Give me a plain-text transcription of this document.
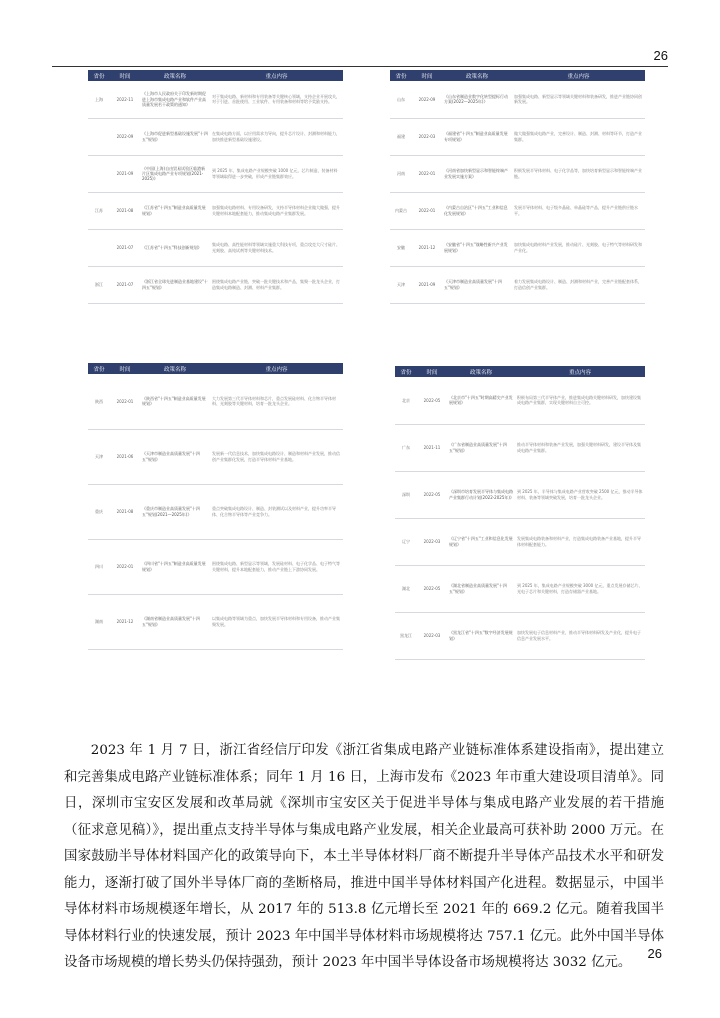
26
省份	时间	政策名称	重点内容
上海	2022-11	《上海市人民政府关于印发新时期促进上海市集成电路产业和软件产业高质量发展若干政策的通知》	对于集成电路、新材料和专用装备等关键核心领域，支持企业开展攻关，对于引进、首批使用、工业软件、专用装备和材料等给予奖励支持。
	2022-09	《上海市促进新型基础设施发展"十四五"规划》	在集成电路方面，以应用需求为导向，提升芯片设计、封测和材料能力，加快推进新型基础设施建设。
	2021-09	《中国(上海)自由贸易试验区临港新片区集成电路产业专项规划(2021-2025)》	到 2025 年，集成电路产业规模突破 1000 亿元，芯片制造、装备材料等领域取得进一步突破，形成产业链集群效应。
江苏	2021-08	《江苏省"十四五"制造业高质量发展规划》	加强集成电路材料、专用设备研发，支持半导体材料企业做大做强，提升关键材料本地配套能力，推动集成电路产业集群发展。
	2021-07	《江苏省"十四五"科技创新规划》	集成电路、高性能材料等领域实施重大科技专项，重点攻克大尺寸硅片、光刻胶、高纯试剂等关键材料技术。
浙江	2021-07	《浙江省全球先进制造业基地建设"十四五"规划》	围绕集成电路产业链，突破一批关键技术和产品，集聚一批龙头企业，打造集成电路制造、封测、材料产业集群。
省份	时间	政策名称	重点内容
山东	2022-09	《山东省制造业数字化转型提标行动方案(2022—2025年)》	加强集成电路、新型显示等领域关键材料和装备研发，推进产业链协同创新发展。
福建	2022-03	《福建省"十四五"制造业高质量发展专项规划》	做大做强集成电路产业，完善设计、制造、封测、材料等环节，打造产业集群。
河南	2022-01	《河南省加快新型显示和智能终端产业发展实施方案》	积极发展半导体材料、电子化学品等，加快培育新型显示和智能终端产业链。
内蒙古	2022-01	《内蒙古自治区"十四五"工业和信息化发展规划》	发展半导体材料、电子级多晶硅、单晶硅等产品，提升产业链供应链水平。
安徽	2021-12	《安徽省"十四五"战略性新兴产业发展规划》	加快集成电路材料产业发展，推动硅片、光刻胶、电子特气等材料研发和产业化。
天津	2021-09	《天津市制造业高质量发展"十四五"规划》	着力发展集成电路设计、制造、封测和材料产业，完善产业链配套体系，打造信创产业集群。
省份	时间	政策名称	重点内容
陕西	2022-01	《陕西省"十四五"制造业高质量发展规划》	大力发展第三代半导体材料和芯片，重点发展硅材料、化合物半导体材料、光刻胶等关键材料，培育一批龙头企业。
天津	2021-06	《天津市制造业高质量发展"十四五"规划》	发展新一代信息技术，加快集成电路设计、制造和材料产业发展，推动信创产业集群化发展，打造半导体材料产业基地。
重庆	2021-08	《重庆市制造业高质量发展"十四五"规划(2021—2025年)》	重点突破集成电路设计、制造、封装测试以及材料产业，提升功率半导体、化合物半导体等产业竞争力。
四川	2022-01	《四川省"十四五"制造业高质量发展规划》	围绕集成电路、新型显示等领域，发展硅材料、电子化学品、电子特气等关键材料，提升本地配套能力，推动产业链上下游协同发展。
湖南	2021-12	《湖南省制造业高质量发展"十四五"规划》	以集成电路等领域为重点，加快发展半导体材料和专用设备，推动产业集聚发展。
省份	时间	政策名称	重点内容
北京	2022-05	《北京市"十四五"时期高精尖产业发展规划》	积极布局第三代半导体产业，推进集成电路关键材料研发，加快建设集成电路产业集群，实现关键材料自主可控。
广东	2021-11	《广东省制造业高质量发展"十四五"规划》	推动半导体材料和装备产业发展，加强关键材料研发，建设半导体及集成电路产业集群。
深圳	2022-05	《深圳市培育发展半导体与集成电路产业集群行动计划(2022-2025年)》	到 2025 年，半导体与集成电路产业营收突破 2500 亿元，推动半导体材料、装备等领域突破发展，培育一批龙头企业。
辽宁	2022-03	《辽宁省"十四五"工业和信息化发展规划》	发展集成电路装备和材料产业，打造集成电路装备产业基地，提升半导体材料配套能力。
湖北	2022-05	《湖北省制造业高质量发展"十四五"规划》	到 2025 年，集成电路产业规模突破 3000 亿元，重点发展存储芯片、光电子芯片和关键材料，打造存储器产业基地。
黑龙江	2022-03	《黑龙江省"十四五"数字经济发展规划》	加快发展电子信息材料产业，推动半导体材料研发及产业化，提升电子信息产业发展水平。

2023 年 1 月 7 日，浙江省经信厅印发《浙江省集成电路产业链标准体系建设指南》，提出建立和完善集成电路产业链标准体系；同年 1 月 16 日，上海市发布《2023 年市重大建设项目清单》。同日，深圳市宝安区发展和改革局就《深圳市宝安区关于促进半导体与集成电路产业发展的若干措施（征求意见稿）》，提出重点支持半导体与集成电路产业发展，相关企业最高可获补助 2000 万元。在国家鼓励半导体材料国产化的政策导向下，本土半导体材料厂商不断提升半导体产品技术水平和研发能力，逐渐打破了国外半导体厂商的垄断格局，推进中国半导体材料国产化进程。数据显示，中国半导体材料市场规模逐年增长，从 2017 年的 513.8 亿元增长至 2021 年的 669.2 亿元。随着我国半导体材料行业的快速发展，预计 2023 年中国半导体材料市场规模将达 757.1 亿元。此外中国半导体设备市场规模的增长势头仍保持强劲，预计 2023 年中国半导体设备市场规模将达 3032 亿元。

26
